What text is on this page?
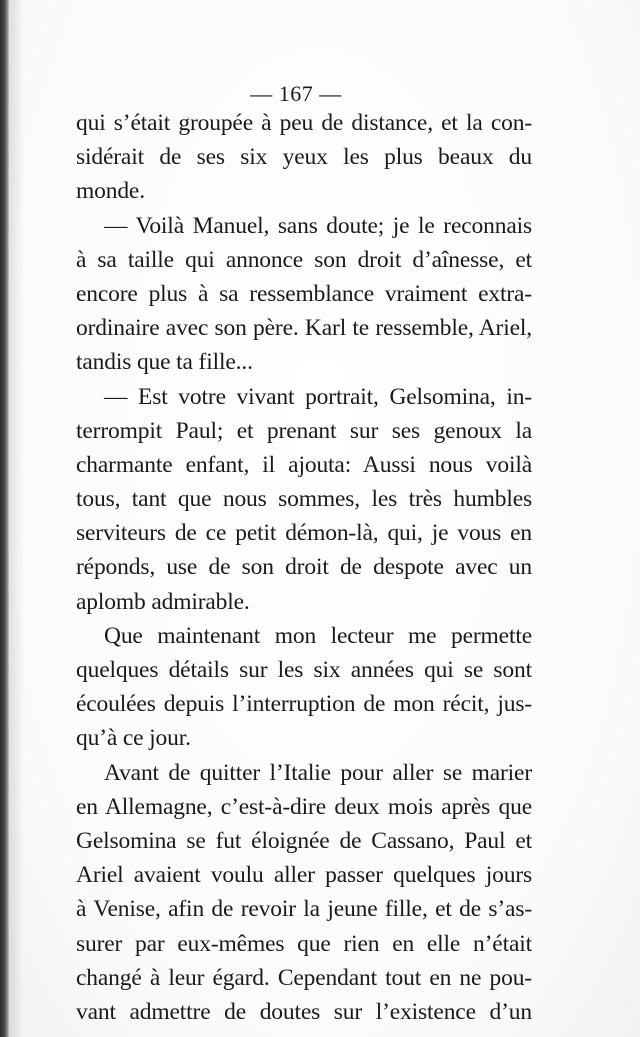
— 167 —
qui s’était groupée à peu de distance, et la con-
sidérait de ses six yeux les plus beaux du
monde.
— Voilà Manuel, sans doute; je le reconnais
à sa taille qui annonce son droit d’aînesse, et
encore plus à sa ressemblance vraiment extra-
ordinaire avec son père. Karl te ressemble, Ariel,
tandis que ta fille...
— Est votre vivant portrait, Gelsomina, in-
terrompit Paul; et prenant sur ses genoux la
charmante enfant, il ajouta: Aussi nous voilà
tous, tant que nous sommes, les très humbles
serviteurs de ce petit démon-là, qui, je vous en
réponds, use de son droit de despote avec un
aplomb admirable.
Que maintenant mon lecteur me permette
quelques détails sur les six années qui se sont
écoulées depuis l’interruption de mon récit, jus-
qu’à ce jour.
Avant de quitter l’Italie pour aller se marier
en Allemagne, c’est-à-dire deux mois après que
Gelsomina se fut éloignée de Cassano, Paul et
Ariel avaient voulu aller passer quelques jours
à Venise, afin de revoir la jeune fille, et de s’as-
surer par eux-mêmes que rien en elle n’était
changé à leur égard. Cependant tout en ne pou-
vant admettre de doutes sur l’existence d’un
